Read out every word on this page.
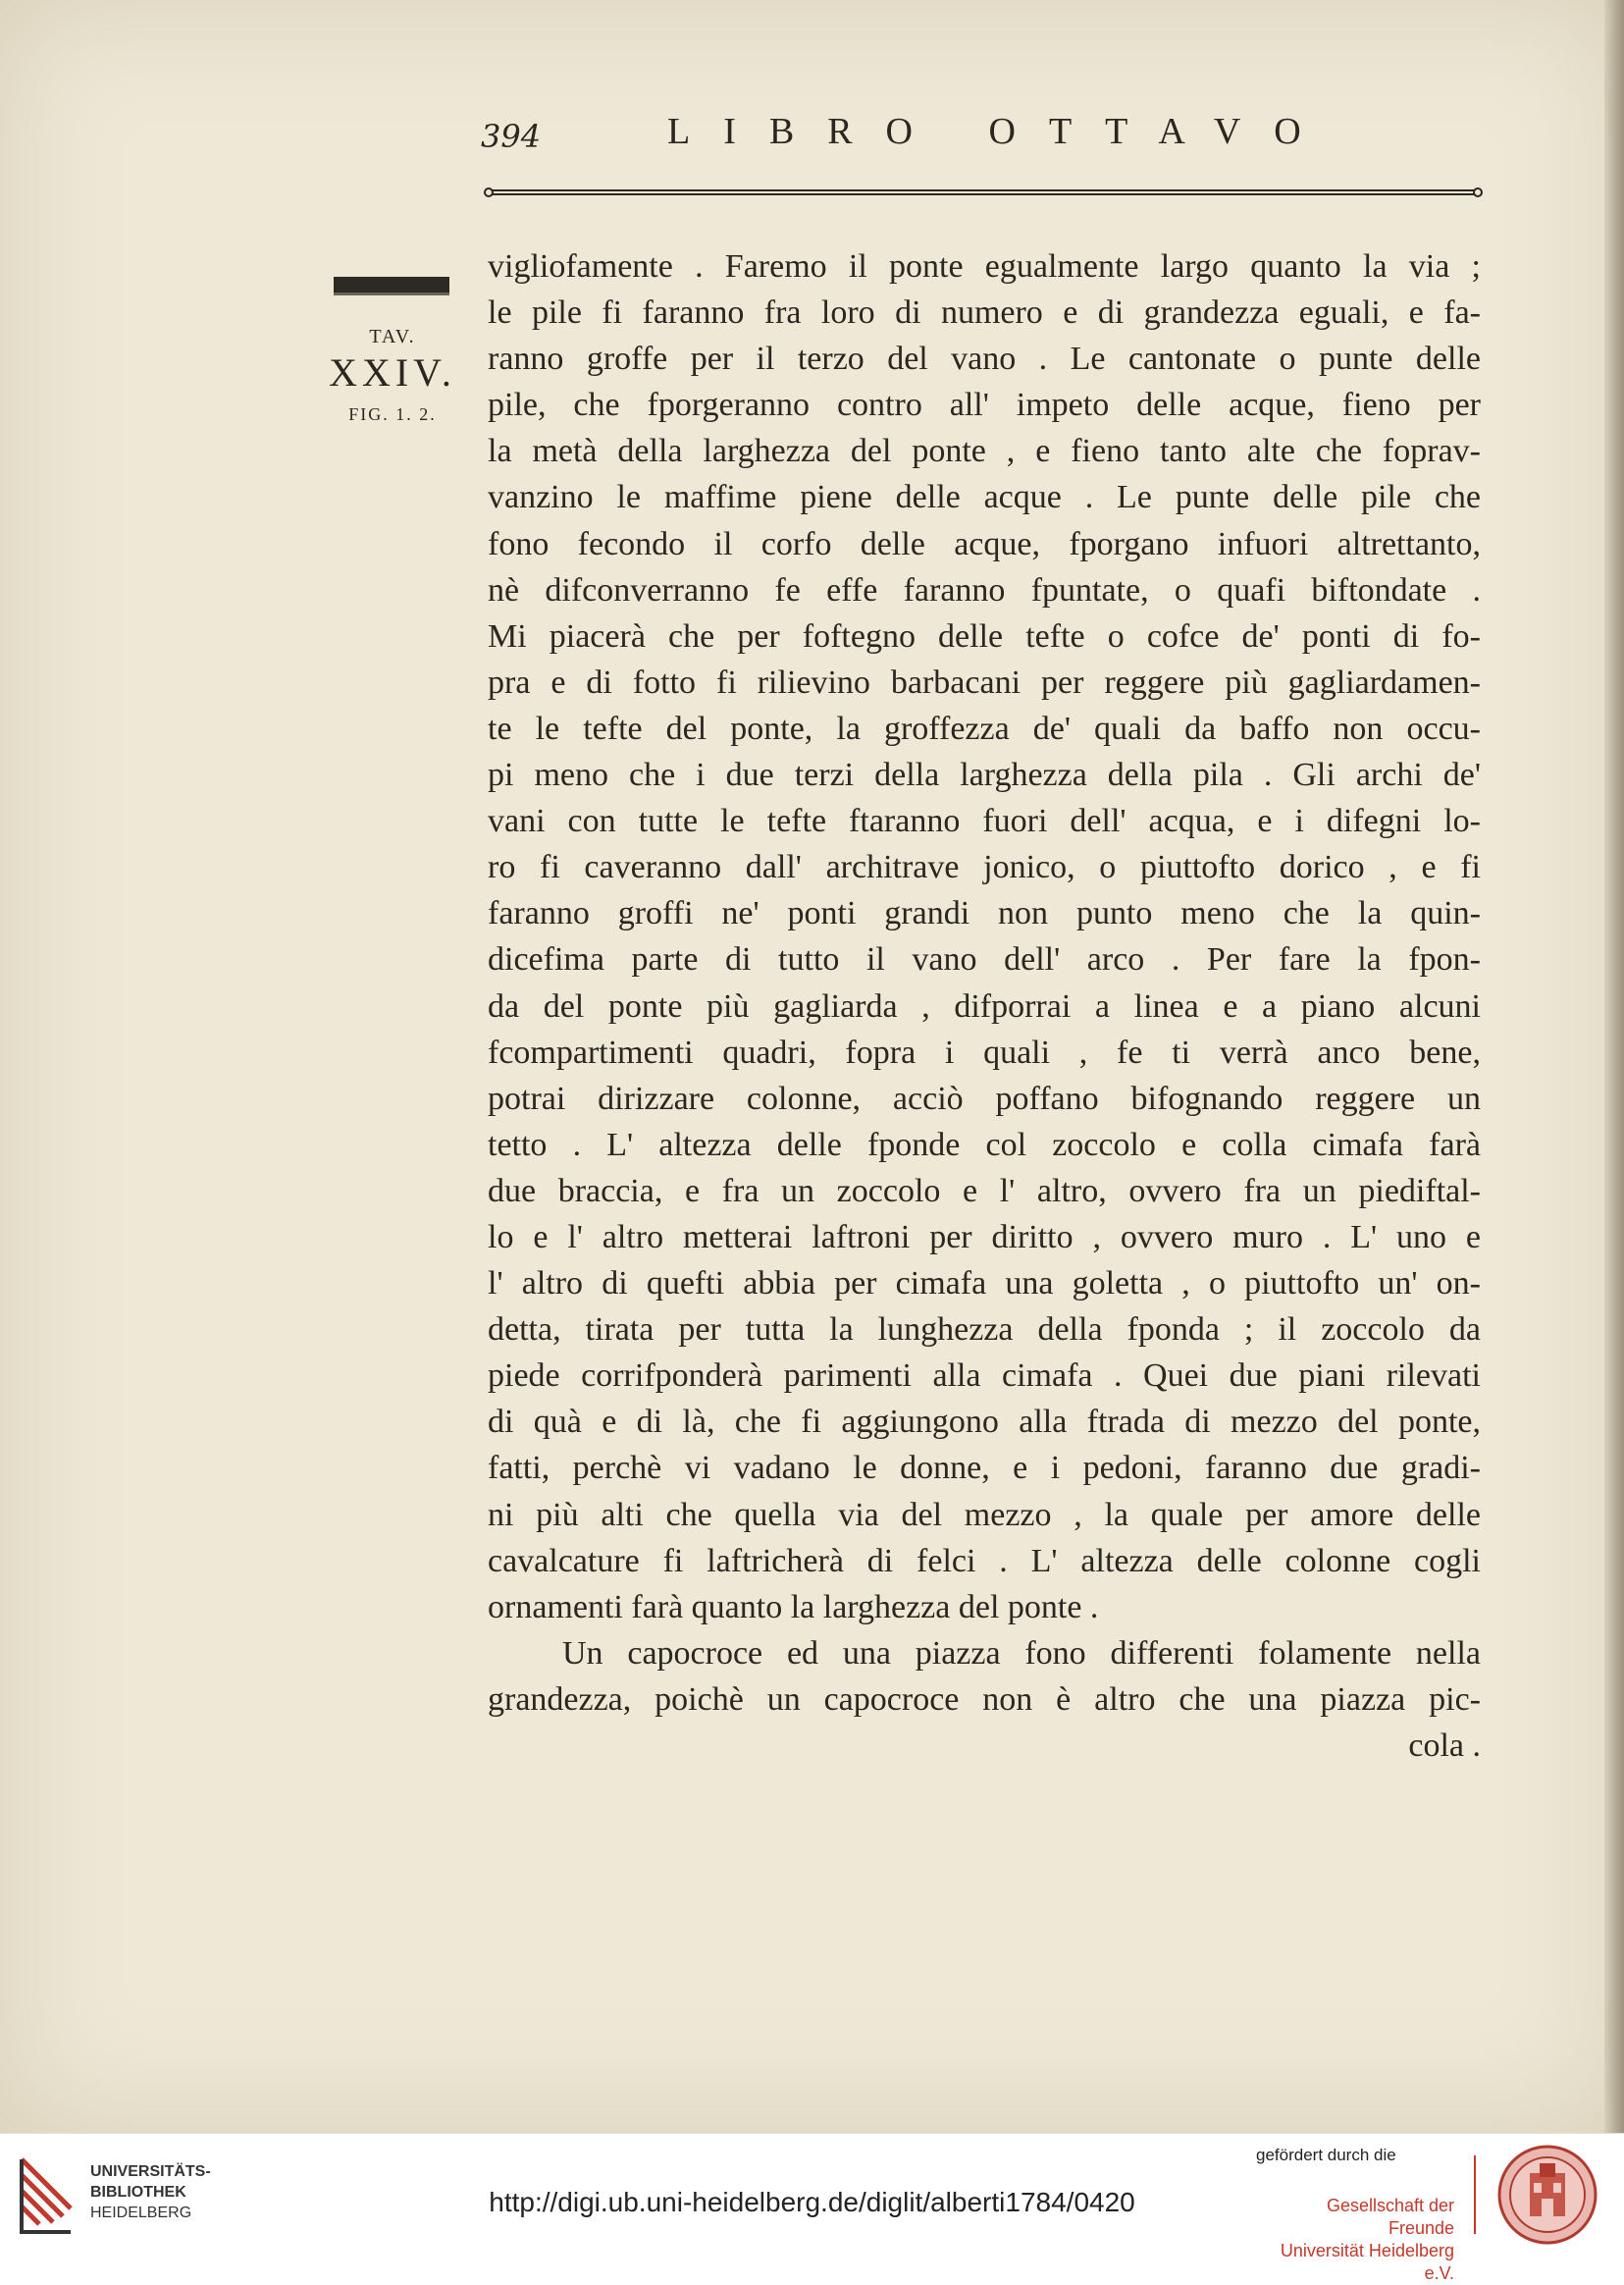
394	LIBRO OTTAVO
TAV.
XXIV.
FIG. 1. 2.
vigliofamente . Faremo il ponte egualmente largo quanto la via ;
le pile fi faranno fra loro di numero e di grandezza eguali, e fa-
ranno groffe per il terzo del vano . Le cantonate o punte delle
pile, che fporgeranno contro all' impeto delle acque, fieno per
la metà della larghezza del ponte , e fieno tanto alte che foprav-
vanzino le maffime piene delle acque . Le punte delle pile che
fono fecondo il corfo delle acque, fporgano infuori altrettanto,
nè difconverranno fe effe faranno fpuntate, o quafi biftondate .
Mi piacerà che per foftegno delle tefte o cofce de' ponti di fo-
pra e di fotto fi rilievino barbacani per reggere più gagliardamen-
te le tefte del ponte, la groffezza de' quali da baffo non occu-
pi meno che i due terzi della larghezza della pila . Gli archi de'
vani con tutte le tefte ftaranno fuori dell' acqua, e i difegni lo-
ro fi caveranno dall' architrave jonico, o piuttofto dorico , e fi
faranno groffi ne' ponti grandi non punto meno che la quin-
dicefima parte di tutto il vano dell' arco . Per fare la fpon-
da del ponte più gagliarda , difporrai a linea e a piano alcuni
fcompartimenti quadri, fopra i quali , fe ti verrà anco bene,
potrai dirizzare colonne, acciò poffano bifognando reggere un
tetto . L' altezza delle fponde col zoccolo e colla cimafa farà
due braccia, e fra un zoccolo e l' altro, ovvero fra un piediftal-
lo e l' altro metterai laftroni per diritto , ovvero muro . L' uno e
l' altro di quefti abbia per cimafa una goletta , o piuttofto un' on-
detta, tirata per tutta la lunghezza della fponda ; il zoccolo da
piede corrifponderà parimenti alla cimafa . Quei due piani rilevati
di quà e di là, che fi aggiungono alla ftrada di mezzo del ponte,
fatti, perchè vi vadano le donne, e i pedoni, faranno due gradi-
ni più alti che quella via del mezzo , la quale per amore delle
cavalcature fi laftricherà di felci . L' altezza delle colonne cogli
ornamenti farà quanto la larghezza del ponte .
Un capocroce ed una piazza fono differenti folamente nella
grandezza, poichè un capocroce non è altro che una piazza pic-
cola .
UNIVERSITÄTS-
BIBLIOTHEK
HEIDELBERG	http://digi.ub.uni-heidelberg.de/diglit/alberti1784/0420
gefördert durch die
Gesellschaft der Freunde
Universität Heidelberg e.V.
